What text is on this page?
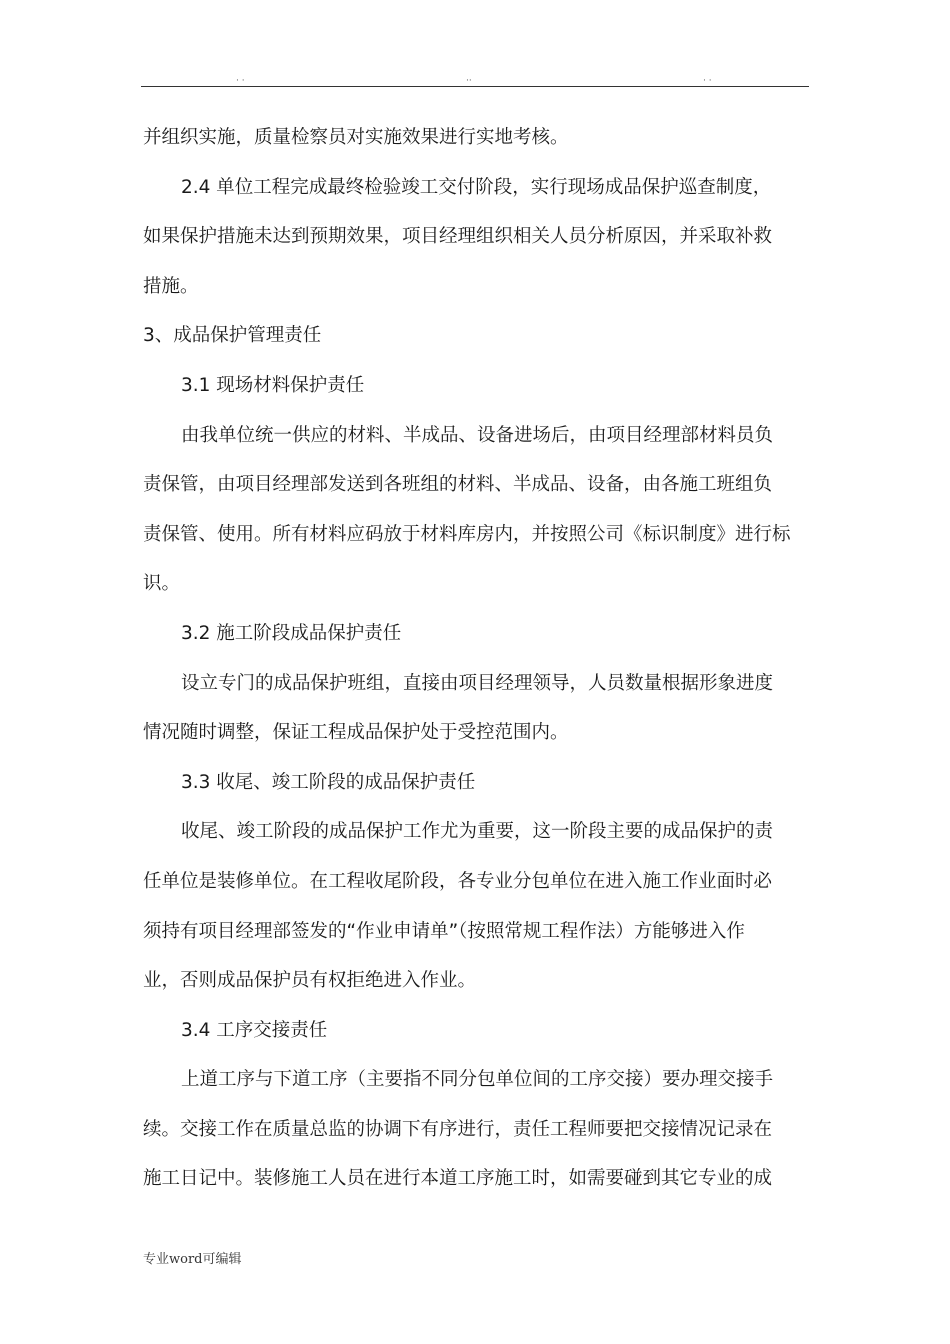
· ·	··	· ·

并组织实施，质量检察员对实施效果进行实地考核。

2.4 单位工程完成最终检验竣工交付阶段，实行现场成品保护巡查制度，

如果保护措施未达到预期效果，项目经理组织相关人员分析原因，并采取补救

措施。

3、成品保护管理责任

3.1 现场材料保护责任

由我单位统一供应的材料、半成品、设备进场后，由项目经理部材料员负

责保管，由项目经理部发送到各班组的材料、半成品、设备，由各施工班组负

责保管、使用。所有材料应码放于材料库房内，并按照公司《标识制度》进行标

识。

3.2 施工阶段成品保护责任

设立专门的成品保护班组，直接由项目经理领导，人员数量根据形象进度

情况随时调整，保证工程成品保护处于受控范围内。

3.3 收尾、竣工阶段的成品保护责任

收尾、竣工阶段的成品保护工作尤为重要，这一阶段主要的成品保护的责

任单位是装修单位。在工程收尾阶段，各专业分包单位在进入施工作业面时必

须持有项目经理部签发的“作业申请单”（按照常规工程作法）方能够进入作

业，否则成品保护员有权拒绝进入作业。

3.4 工序交接责任

上道工序与下道工序（主要指不同分包单位间的工序交接）要办理交接手

续。交接工作在质量总监的协调下有序进行，责任工程师要把交接情况记录在

施工日记中。装修施工人员在进行本道工序施工时，如需要碰到其它专业的成

专业word可编辑
